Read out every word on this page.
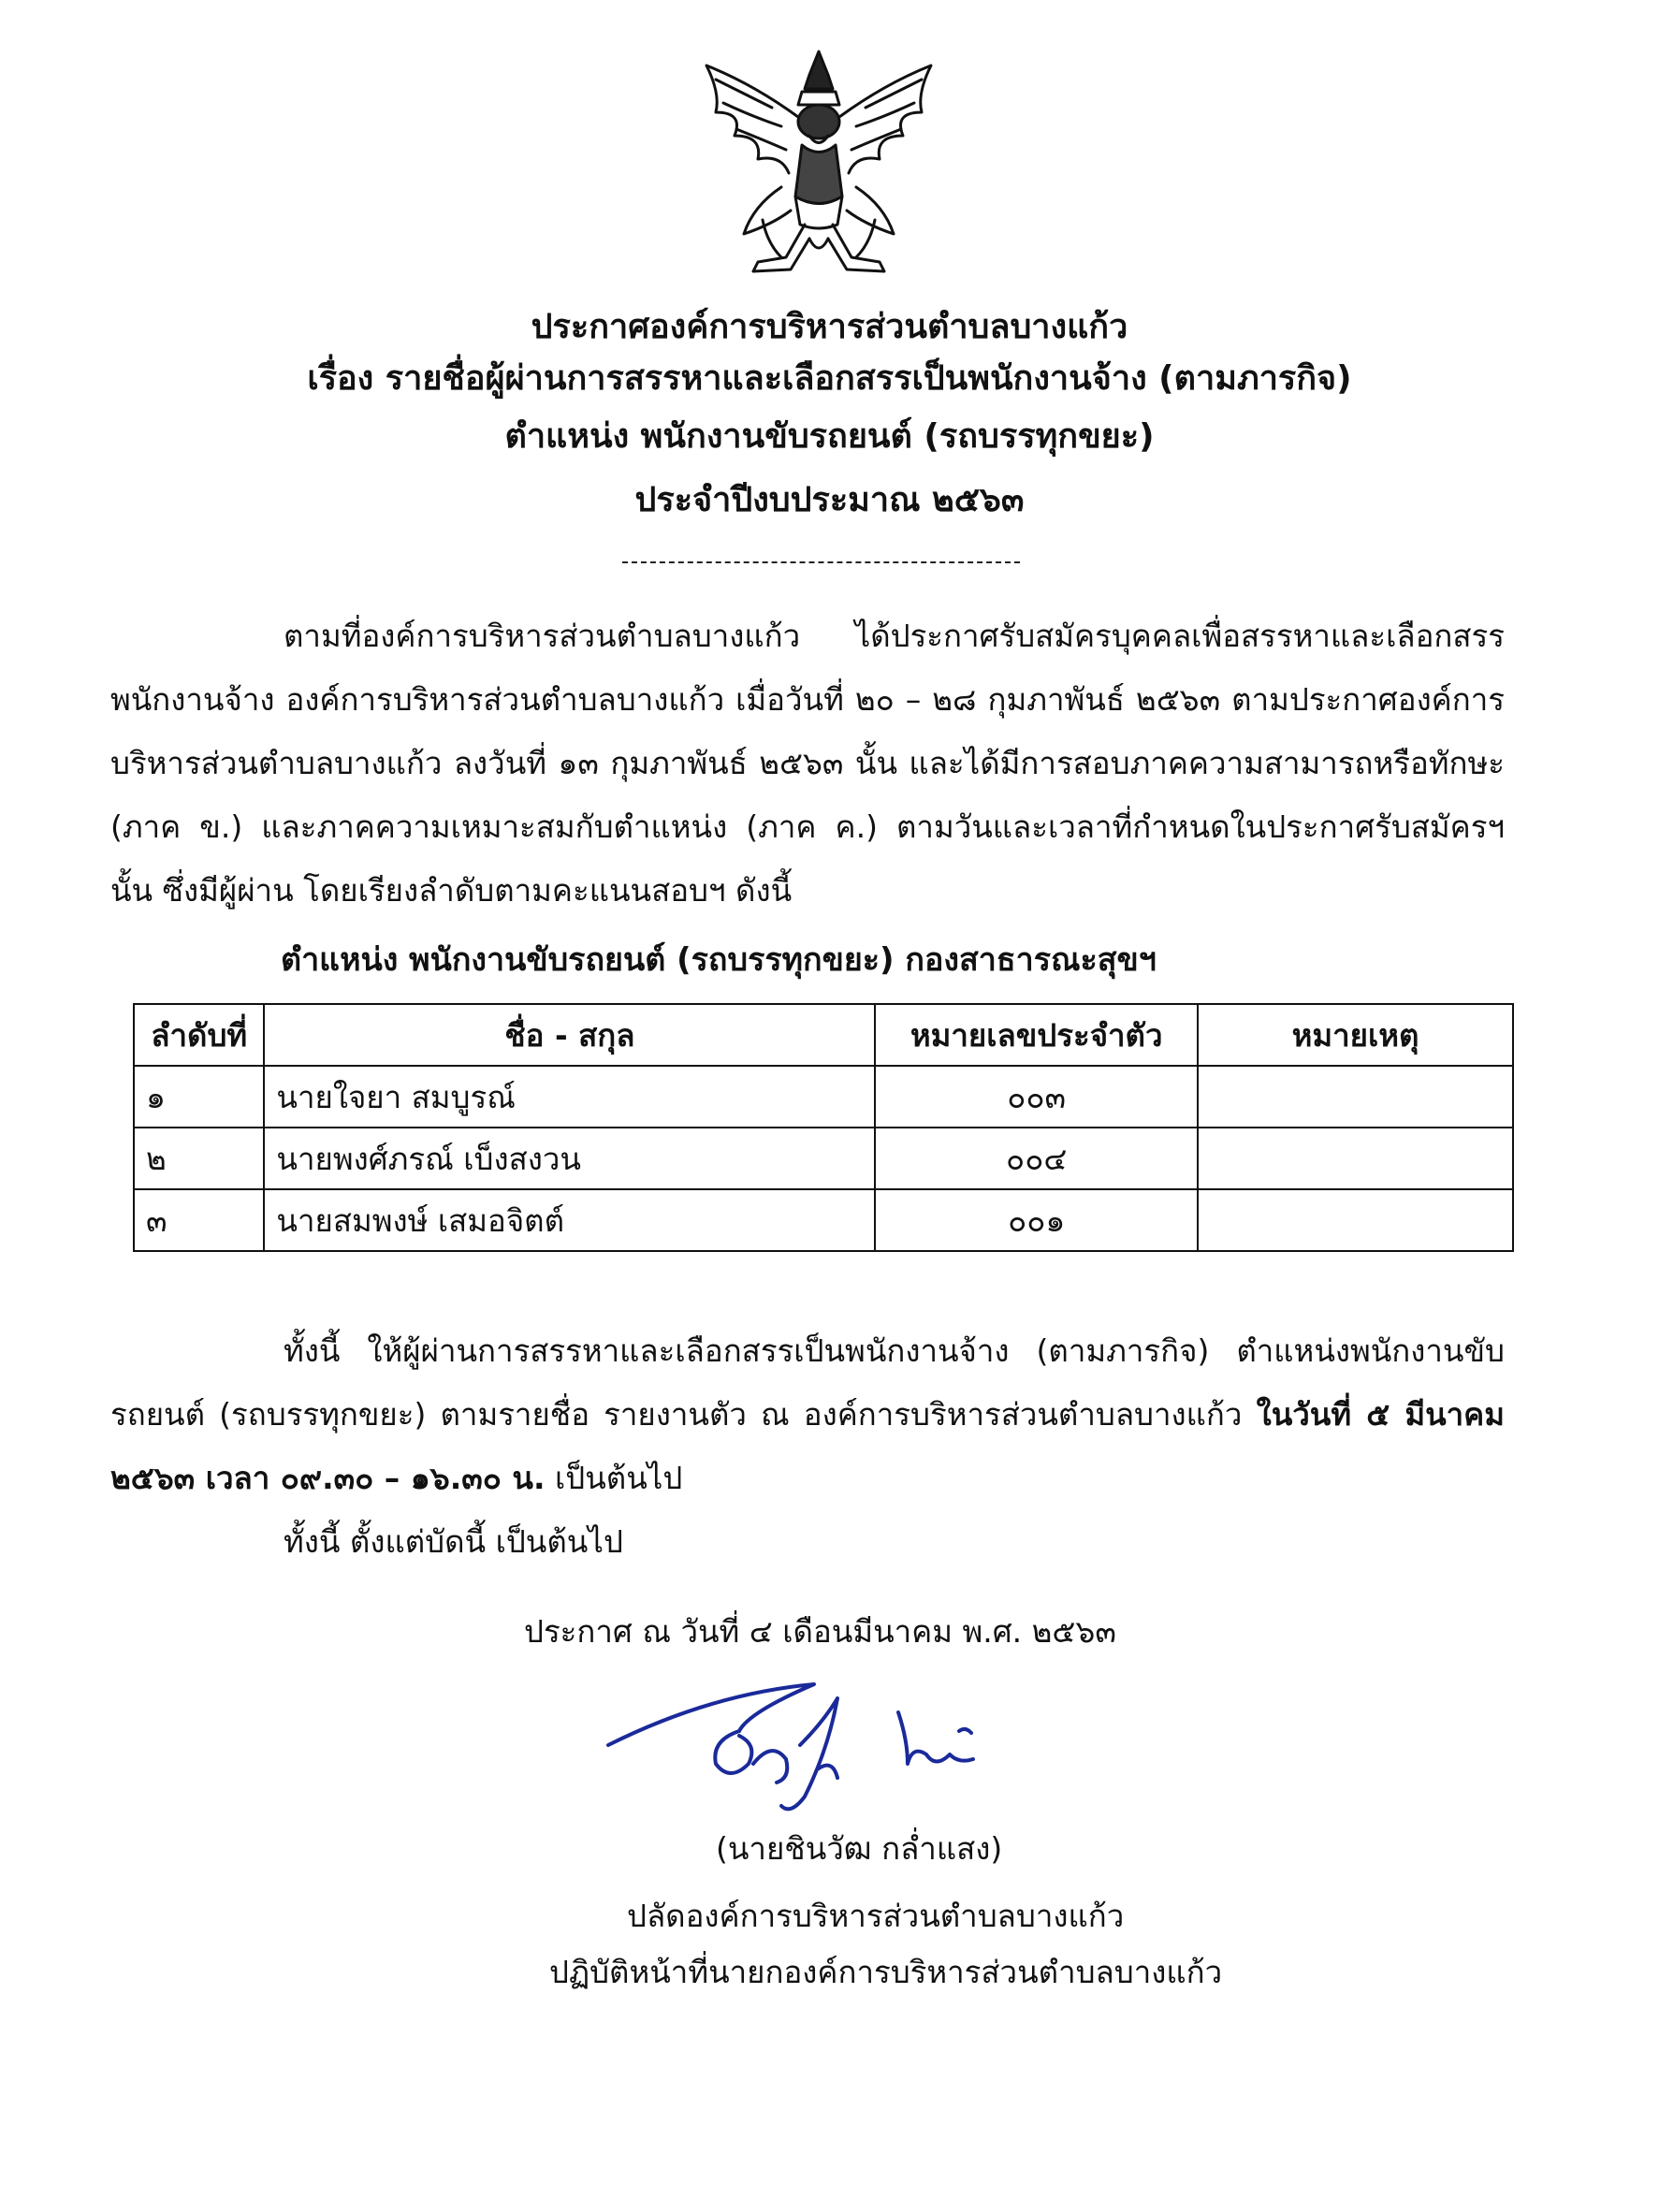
ประกาศองค์การบริหารส่วนตำบลบางแก้ว
เรื่อง รายชื่อผู้ผ่านการสรรหาและเลือกสรรเป็นพนักงานจ้าง (ตามภารกิจ)
ตำแหน่ง พนักงานขับรถยนต์ (รถบรรทุกขยะ)
ประจำปีงบประมาณ ๒๕๖๓
ตามที่องค์การบริหารส่วนตำบลบางแก้ว ได้ประกาศรับสมัครบุคคลเพื่อสรรหาและเลือกสรรพนักงานจ้าง องค์การบริหารส่วนตำบลบางแก้ว เมื่อวันที่ ๒๐ – ๒๘ กุมภาพันธ์ ๒๕๖๓ ตามประกาศองค์การบริหารส่วนตำบลบางแก้ว ลงวันที่ ๑๓ กุมภาพันธ์ ๒๕๖๓ นั้น และได้มีการสอบภาคความสามารถหรือทักษะ (ภาค ข.) และภาคความเหมาะสมกับตำแหน่ง (ภาค ค.) ตามวันและเวลาที่กำหนดในประกาศรับสมัครฯ นั้น ซึ่งมีผู้ผ่าน โดยเรียงลำดับตามคะแนนสอบฯ ดังนี้
ตำแหน่ง พนักงานขับรถยนต์ (รถบรรทุกขยะ) กองสาธารณะสุขฯ
ลำดับที่	ชื่อ - สกุล	หมายเลขประจำตัว	หมายเหตุ
๑	นายใจยา สมบูรณ์	๐๐๓	
๒	นายพงศ์ภรณ์ เบ็งสงวน	๐๐๔	
๓	นายสมพงษ์ เสมอจิตต์	๐๐๑	
ทั้งนี้ ให้ผู้ผ่านการสรรหาและเลือกสรรเป็นพนักงานจ้าง (ตามภารกิจ) ตำแหน่งพนักงานขับรถยนต์ (รถบรรทุกขยะ) ตามรายชื่อ รายงานตัว ณ องค์การบริหารส่วนตำบลบางแก้ว ในวันที่ ๕ มีนาคม ๒๕๖๓ เวลา ๐๙.๓๐ – ๑๖.๓๐ น. เป็นต้นไป
ทั้งนี้ ตั้งแต่บัดนี้ เป็นต้นไป
ประกาศ ณ วันที่ ๔ เดือนมีนาคม พ.ศ. ๒๕๖๓
(นายชินวัฒ กล่ำแสง)
ปลัดองค์การบริหารส่วนตำบลบางแก้ว
ปฏิบัติหน้าที่นายกองค์การบริหารส่วนตำบลบางแก้ว
